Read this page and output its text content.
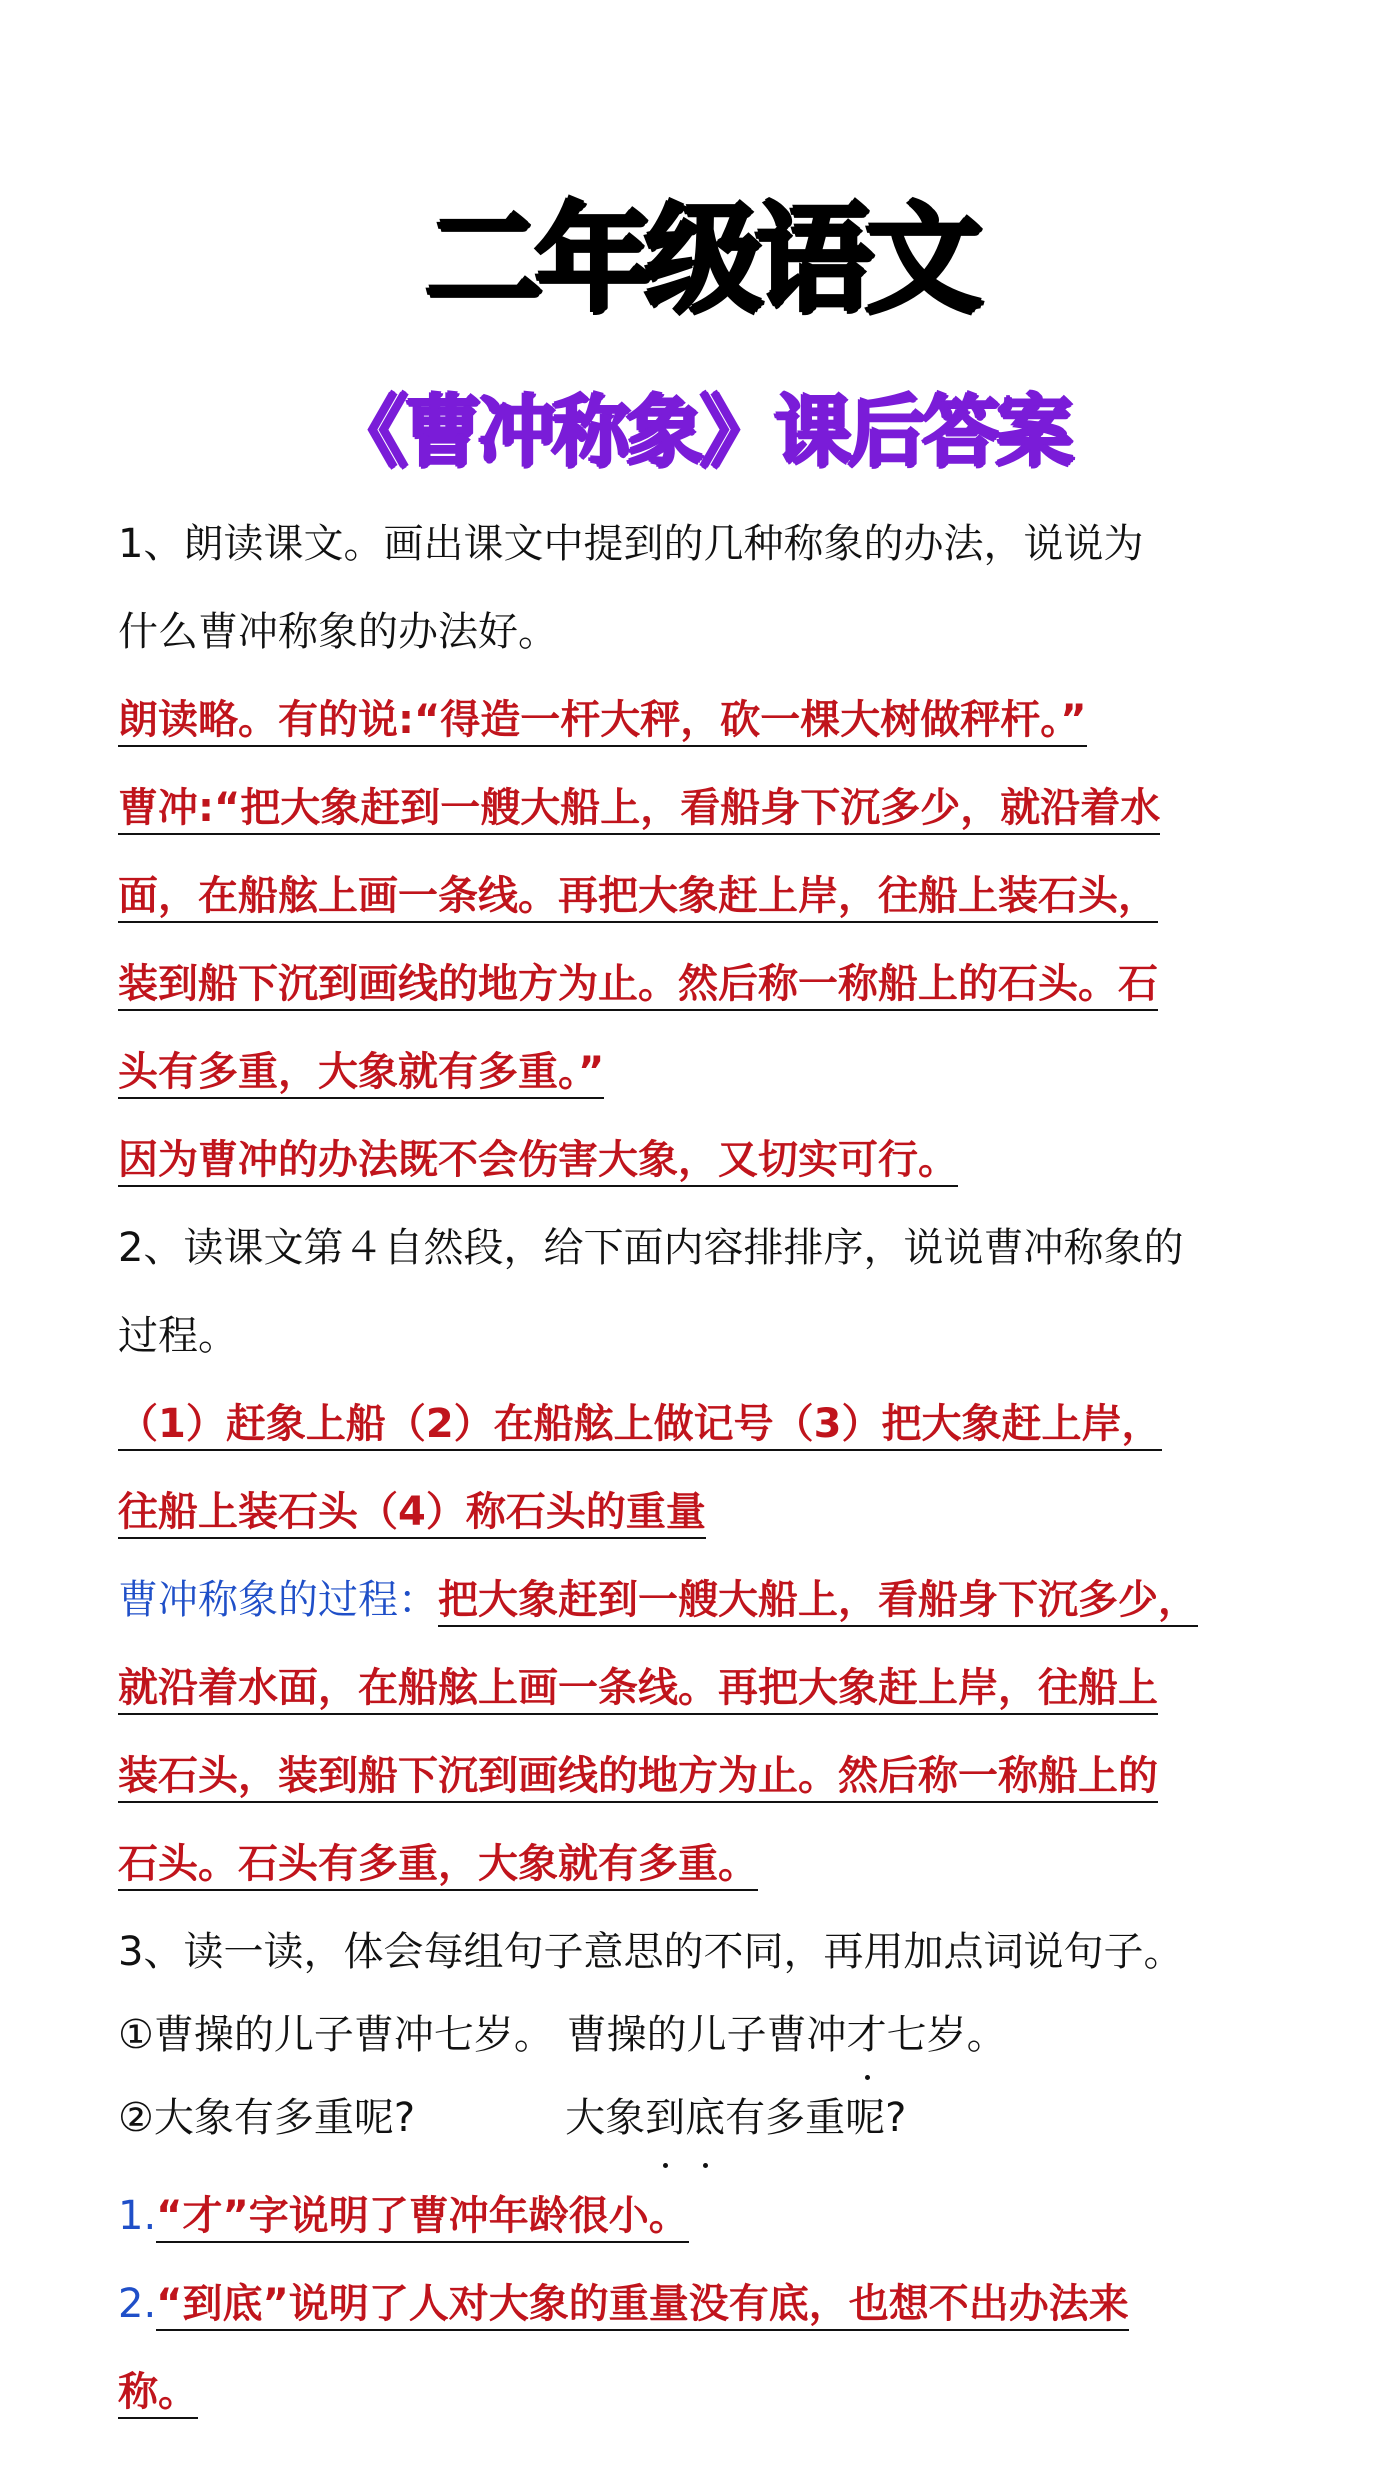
二年级语文
《曹冲称象》课后答案
1、朗读课文。画出课文中提到的几种称象的办法，说说为
什么曹冲称象的办法好。
朗读略。有的说:“得造一杆大秤，砍一棵大树做秤杆。”
曹冲:“把大象赶到一艘大船上，看船身下沉多少，就沿着水
面，在船舷上画一条线。再把大象赶上岸，往船上装石头，
装到船下沉到画线的地方为止。然后称一称船上的石头。石
头有多重，大象就有多重。”
因为曹冲的办法既不会伤害大象，又切实可行。
2、读课文第４自然段，给下面内容排排序，说说曹冲称象的
过程。
（1）赶象上船（2）在船舷上做记号（3）把大象赶上岸，
往船上装石头（4）称石头的重量
曹冲称象的过程：把大象赶到一艘大船上，看船身下沉多少，
就沿着水面，在船舷上画一条线。再把大象赶上岸，往船上
装石头，装到船下沉到画线的地方为止。然后称一称船上的
石头。石头有多重，大象就有多重。
3、读一读，体会每组句子意思的不同，再用加点词说句子。
①曹操的儿子曹冲七岁。 曹操的儿子曹冲才七岁。
②大象有多重呢?	大象到底有多重呢?
1.“才”字说明了曹冲年龄很小。
2.“到底”说明了人对大象的重量没有底，也想不出办法来
称。
